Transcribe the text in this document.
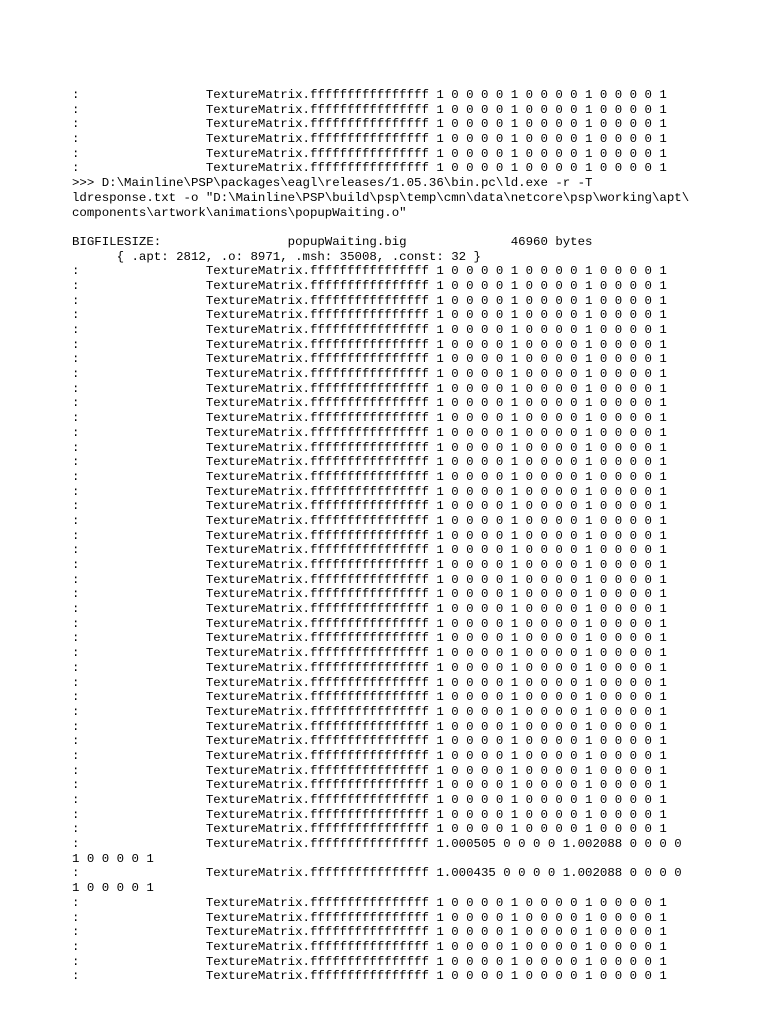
:                 TextureMatrix.ffffffffffffffff 1 0 0 0 0 1 0 0 0 0 1 0 0 0 0 1
:                 TextureMatrix.ffffffffffffffff 1 0 0 0 0 1 0 0 0 0 1 0 0 0 0 1
:                 TextureMatrix.ffffffffffffffff 1 0 0 0 0 1 0 0 0 0 1 0 0 0 0 1
:                 TextureMatrix.ffffffffffffffff 1 0 0 0 0 1 0 0 0 0 1 0 0 0 0 1
:                 TextureMatrix.ffffffffffffffff 1 0 0 0 0 1 0 0 0 0 1 0 0 0 0 1
:                 TextureMatrix.ffffffffffffffff 1 0 0 0 0 1 0 0 0 0 1 0 0 0 0 1
>>> D:\Mainline\PSP\packages\eagl\releases/1.05.36\bin.pc\ld.exe -r -T
ldresponse.txt -o "D:\Mainline\PSP\build\psp\temp\cmn\data\netcore\psp\working\apt\
components\artwork\animations\popupWaiting.o"
BIGFILESIZE:                 popupWaiting.big              46960 bytes
{ .apt: 2812, .o: 8971, .msh: 35008, .const: 32 }
:                 TextureMatrix.ffffffffffffffff 1 0 0 0 0 1 0 0 0 0 1 0 0 0 0 1
:                 TextureMatrix.ffffffffffffffff 1 0 0 0 0 1 0 0 0 0 1 0 0 0 0 1
:                 TextureMatrix.ffffffffffffffff 1 0 0 0 0 1 0 0 0 0 1 0 0 0 0 1
:                 TextureMatrix.ffffffffffffffff 1 0 0 0 0 1 0 0 0 0 1 0 0 0 0 1
:                 TextureMatrix.ffffffffffffffff 1 0 0 0 0 1 0 0 0 0 1 0 0 0 0 1
:                 TextureMatrix.ffffffffffffffff 1 0 0 0 0 1 0 0 0 0 1 0 0 0 0 1
:                 TextureMatrix.ffffffffffffffff 1 0 0 0 0 1 0 0 0 0 1 0 0 0 0 1
:                 TextureMatrix.ffffffffffffffff 1 0 0 0 0 1 0 0 0 0 1 0 0 0 0 1
:                 TextureMatrix.ffffffffffffffff 1 0 0 0 0 1 0 0 0 0 1 0 0 0 0 1
:                 TextureMatrix.ffffffffffffffff 1 0 0 0 0 1 0 0 0 0 1 0 0 0 0 1
:                 TextureMatrix.ffffffffffffffff 1 0 0 0 0 1 0 0 0 0 1 0 0 0 0 1
:                 TextureMatrix.ffffffffffffffff 1 0 0 0 0 1 0 0 0 0 1 0 0 0 0 1
:                 TextureMatrix.ffffffffffffffff 1 0 0 0 0 1 0 0 0 0 1 0 0 0 0 1
:                 TextureMatrix.ffffffffffffffff 1 0 0 0 0 1 0 0 0 0 1 0 0 0 0 1
:                 TextureMatrix.ffffffffffffffff 1 0 0 0 0 1 0 0 0 0 1 0 0 0 0 1
:                 TextureMatrix.ffffffffffffffff 1 0 0 0 0 1 0 0 0 0 1 0 0 0 0 1
:                 TextureMatrix.ffffffffffffffff 1 0 0 0 0 1 0 0 0 0 1 0 0 0 0 1
:                 TextureMatrix.ffffffffffffffff 1 0 0 0 0 1 0 0 0 0 1 0 0 0 0 1
:                 TextureMatrix.ffffffffffffffff 1 0 0 0 0 1 0 0 0 0 1 0 0 0 0 1
:                 TextureMatrix.ffffffffffffffff 1 0 0 0 0 1 0 0 0 0 1 0 0 0 0 1
:                 TextureMatrix.ffffffffffffffff 1 0 0 0 0 1 0 0 0 0 1 0 0 0 0 1
:                 TextureMatrix.ffffffffffffffff 1 0 0 0 0 1 0 0 0 0 1 0 0 0 0 1
:                 TextureMatrix.ffffffffffffffff 1 0 0 0 0 1 0 0 0 0 1 0 0 0 0 1
:                 TextureMatrix.ffffffffffffffff 1 0 0 0 0 1 0 0 0 0 1 0 0 0 0 1
:                 TextureMatrix.ffffffffffffffff 1 0 0 0 0 1 0 0 0 0 1 0 0 0 0 1
:                 TextureMatrix.ffffffffffffffff 1 0 0 0 0 1 0 0 0 0 1 0 0 0 0 1
:                 TextureMatrix.ffffffffffffffff 1 0 0 0 0 1 0 0 0 0 1 0 0 0 0 1
:                 TextureMatrix.ffffffffffffffff 1 0 0 0 0 1 0 0 0 0 1 0 0 0 0 1
:                 TextureMatrix.ffffffffffffffff 1 0 0 0 0 1 0 0 0 0 1 0 0 0 0 1
:                 TextureMatrix.ffffffffffffffff 1 0 0 0 0 1 0 0 0 0 1 0 0 0 0 1
:                 TextureMatrix.ffffffffffffffff 1 0 0 0 0 1 0 0 0 0 1 0 0 0 0 1
:                 TextureMatrix.ffffffffffffffff 1 0 0 0 0 1 0 0 0 0 1 0 0 0 0 1
:                 TextureMatrix.ffffffffffffffff 1 0 0 0 0 1 0 0 0 0 1 0 0 0 0 1
:                 TextureMatrix.ffffffffffffffff 1 0 0 0 0 1 0 0 0 0 1 0 0 0 0 1
:                 TextureMatrix.ffffffffffffffff 1 0 0 0 0 1 0 0 0 0 1 0 0 0 0 1
:                 TextureMatrix.ffffffffffffffff 1 0 0 0 0 1 0 0 0 0 1 0 0 0 0 1
:                 TextureMatrix.ffffffffffffffff 1 0 0 0 0 1 0 0 0 0 1 0 0 0 0 1
:                 TextureMatrix.ffffffffffffffff 1 0 0 0 0 1 0 0 0 0 1 0 0 0 0 1
:                 TextureMatrix.ffffffffffffffff 1 0 0 0 0 1 0 0 0 0 1 0 0 0 0 1
:                 TextureMatrix.ffffffffffffffff 1.000505 0 0 0 0 1.002088 0 0 0 0
1 0 0 0 0 1
:                 TextureMatrix.ffffffffffffffff 1.000435 0 0 0 0 1.002088 0 0 0 0
1 0 0 0 0 1
:                 TextureMatrix.ffffffffffffffff 1 0 0 0 0 1 0 0 0 0 1 0 0 0 0 1
:                 TextureMatrix.ffffffffffffffff 1 0 0 0 0 1 0 0 0 0 1 0 0 0 0 1
:                 TextureMatrix.ffffffffffffffff 1 0 0 0 0 1 0 0 0 0 1 0 0 0 0 1
:                 TextureMatrix.ffffffffffffffff 1 0 0 0 0 1 0 0 0 0 1 0 0 0 0 1
:                 TextureMatrix.ffffffffffffffff 1 0 0 0 0 1 0 0 0 0 1 0 0 0 0 1
:                 TextureMatrix.ffffffffffffffff 1 0 0 0 0 1 0 0 0 0 1 0 0 0 0 1
